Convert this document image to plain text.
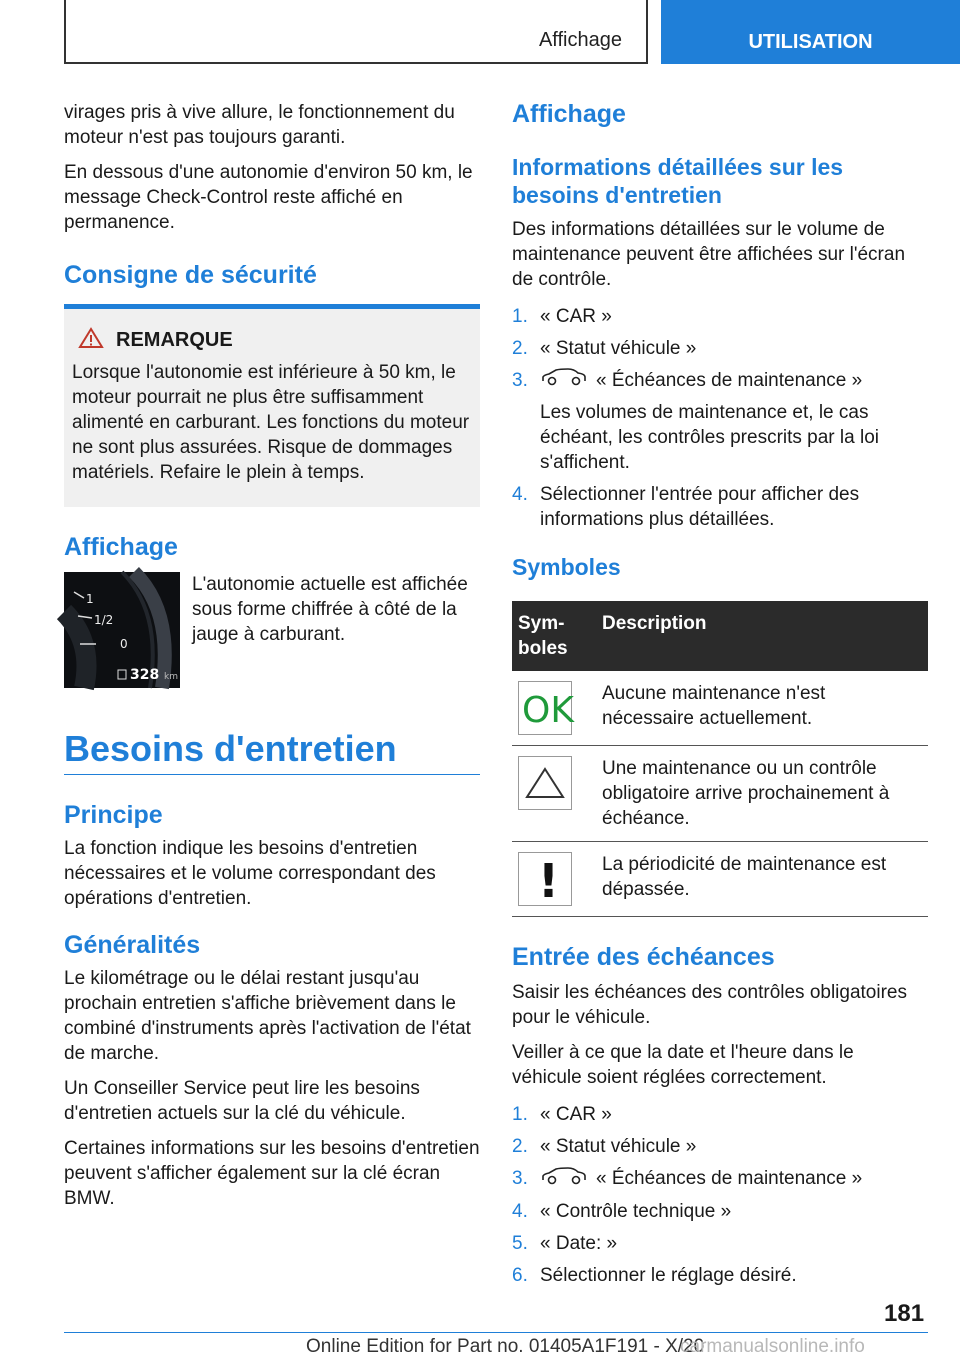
Affichage	UTILISATION

virages pris à vive allure, le fonctionnement du moteur n'est pas toujours garanti.

En dessous d'une autonomie d'environ 50 km, le message Check-Control reste affiché en permanence.

Consigne de sécurité
REMARQUE

Lorsque l'autonomie est inférieure à 50 km, le moteur pourrait ne plus être suffisamment alimenté en carburant. Les fonctions du moteur ne sont plus assurées. Risque de dommages matériels. Refaire le plein à temps.

Affichage
1
1/2
0
328 km

L'autonomie actuelle est affichée sous forme chiffrée à côté de la jauge à carburant.

Besoins d'entretien
Principe

La fonction indique les besoins d'entretien nécessaires et le volume correspondant des opérations d'entretien.

Généralités

Le kilométrage ou le délai restant jusqu'au prochain entretien s'affiche brièvement dans le combiné d'instruments après l'activation de l'état de marche.

Un Conseiller Service peut lire les besoins d'entretien actuels sur la clé du véhicule.

Certaines informations sur les besoins d'entretien peuvent s'afficher également sur la clé écran BMW.

Affichage
Informations détaillées sur les besoins d'entretien

Des informations détaillées sur le volume de maintenance peuvent être affichées sur l'écran de contrôle.

1. « CAR »
2. « Statut véhicule »
3.	« Échéances de maintenance »
Les volumes de maintenance et, le cas échéant, les contrôles prescrits par la loi s'affichent.
4. Sélectionner l'entrée pour afficher des informations plus détaillées.
Symboles
Symboles	Description

OK	Aucune maintenance n'est nécessaire actuellement.

	Une maintenance ou un contrôle obligatoire arrive prochainement à échéance.

!	La périodicité de maintenance est dépassée.
Entrée des échéances

Saisir les échéances des contrôles obligatoires pour le véhicule.

Veiller à ce que la date et l'heure dans le véhicule soient réglées correctement.

1. « CAR »
2. « Statut véhicule »
3.	« Échéances de maintenance »
4. « Contrôle technique »
5. « Date: »
6. Sélectionner le réglage désiré.
181
Online Edition for Part no. 01405A1F191 - X/20
carmanualsonline.info
